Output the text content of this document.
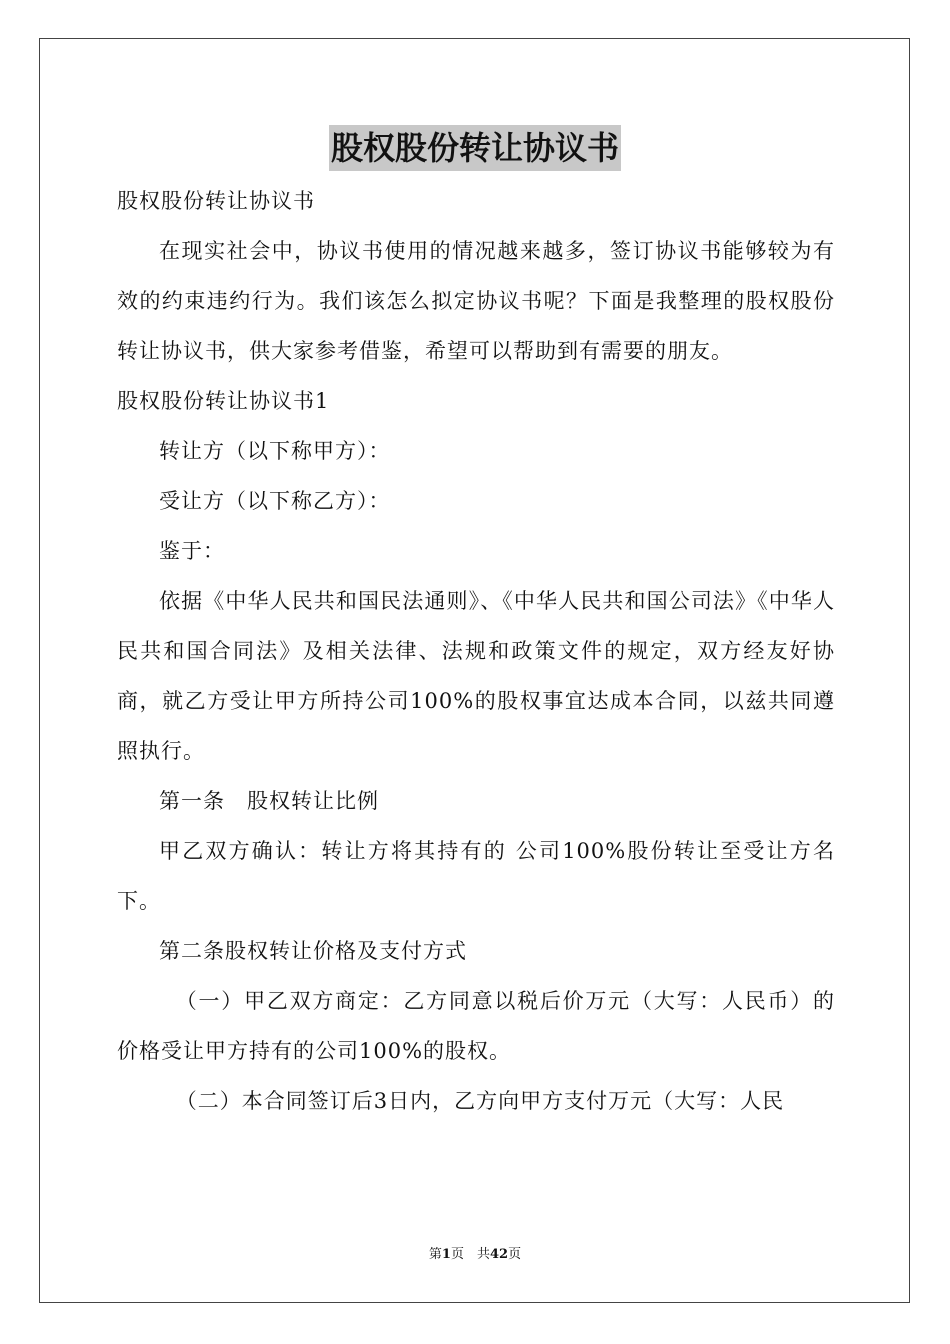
股权股份转让协议书
股权股份转让协议书
在现实社会中，协议书使用的情况越来越多，签订协议书能够较为有效的约束违约行为。我们该怎么拟定协议书呢？下面是我整理的股权股份转让协议书，供大家参考借鉴，希望可以帮助到有需要的朋友。
股权股份转让协议书1
转让方（以下称甲方）：
受让方（以下称乙方）：
鉴于：
依据《中华人民共和国民法通则》、《中华人民共和国公司法》《中华人民共和国合同法》及相关法律、法规和政策文件的规定，双方经友好协商，就乙方受让甲方所持公司100%的股权事宜达成本合同，以兹共同遵照执行。
第一条　股权转让比例
甲乙双方确认：转让方将其持有的 公司100%股份转让至受让方名下。
第二条股权转让价格及支付方式
（一）甲乙双方商定：乙方同意以税后价万元（大写：人民币）的价格受让甲方持有的公司100%的股权。
（二）本合同签订后3日内，乙方向甲方支付万元（大写：人民
第1页　共42页
